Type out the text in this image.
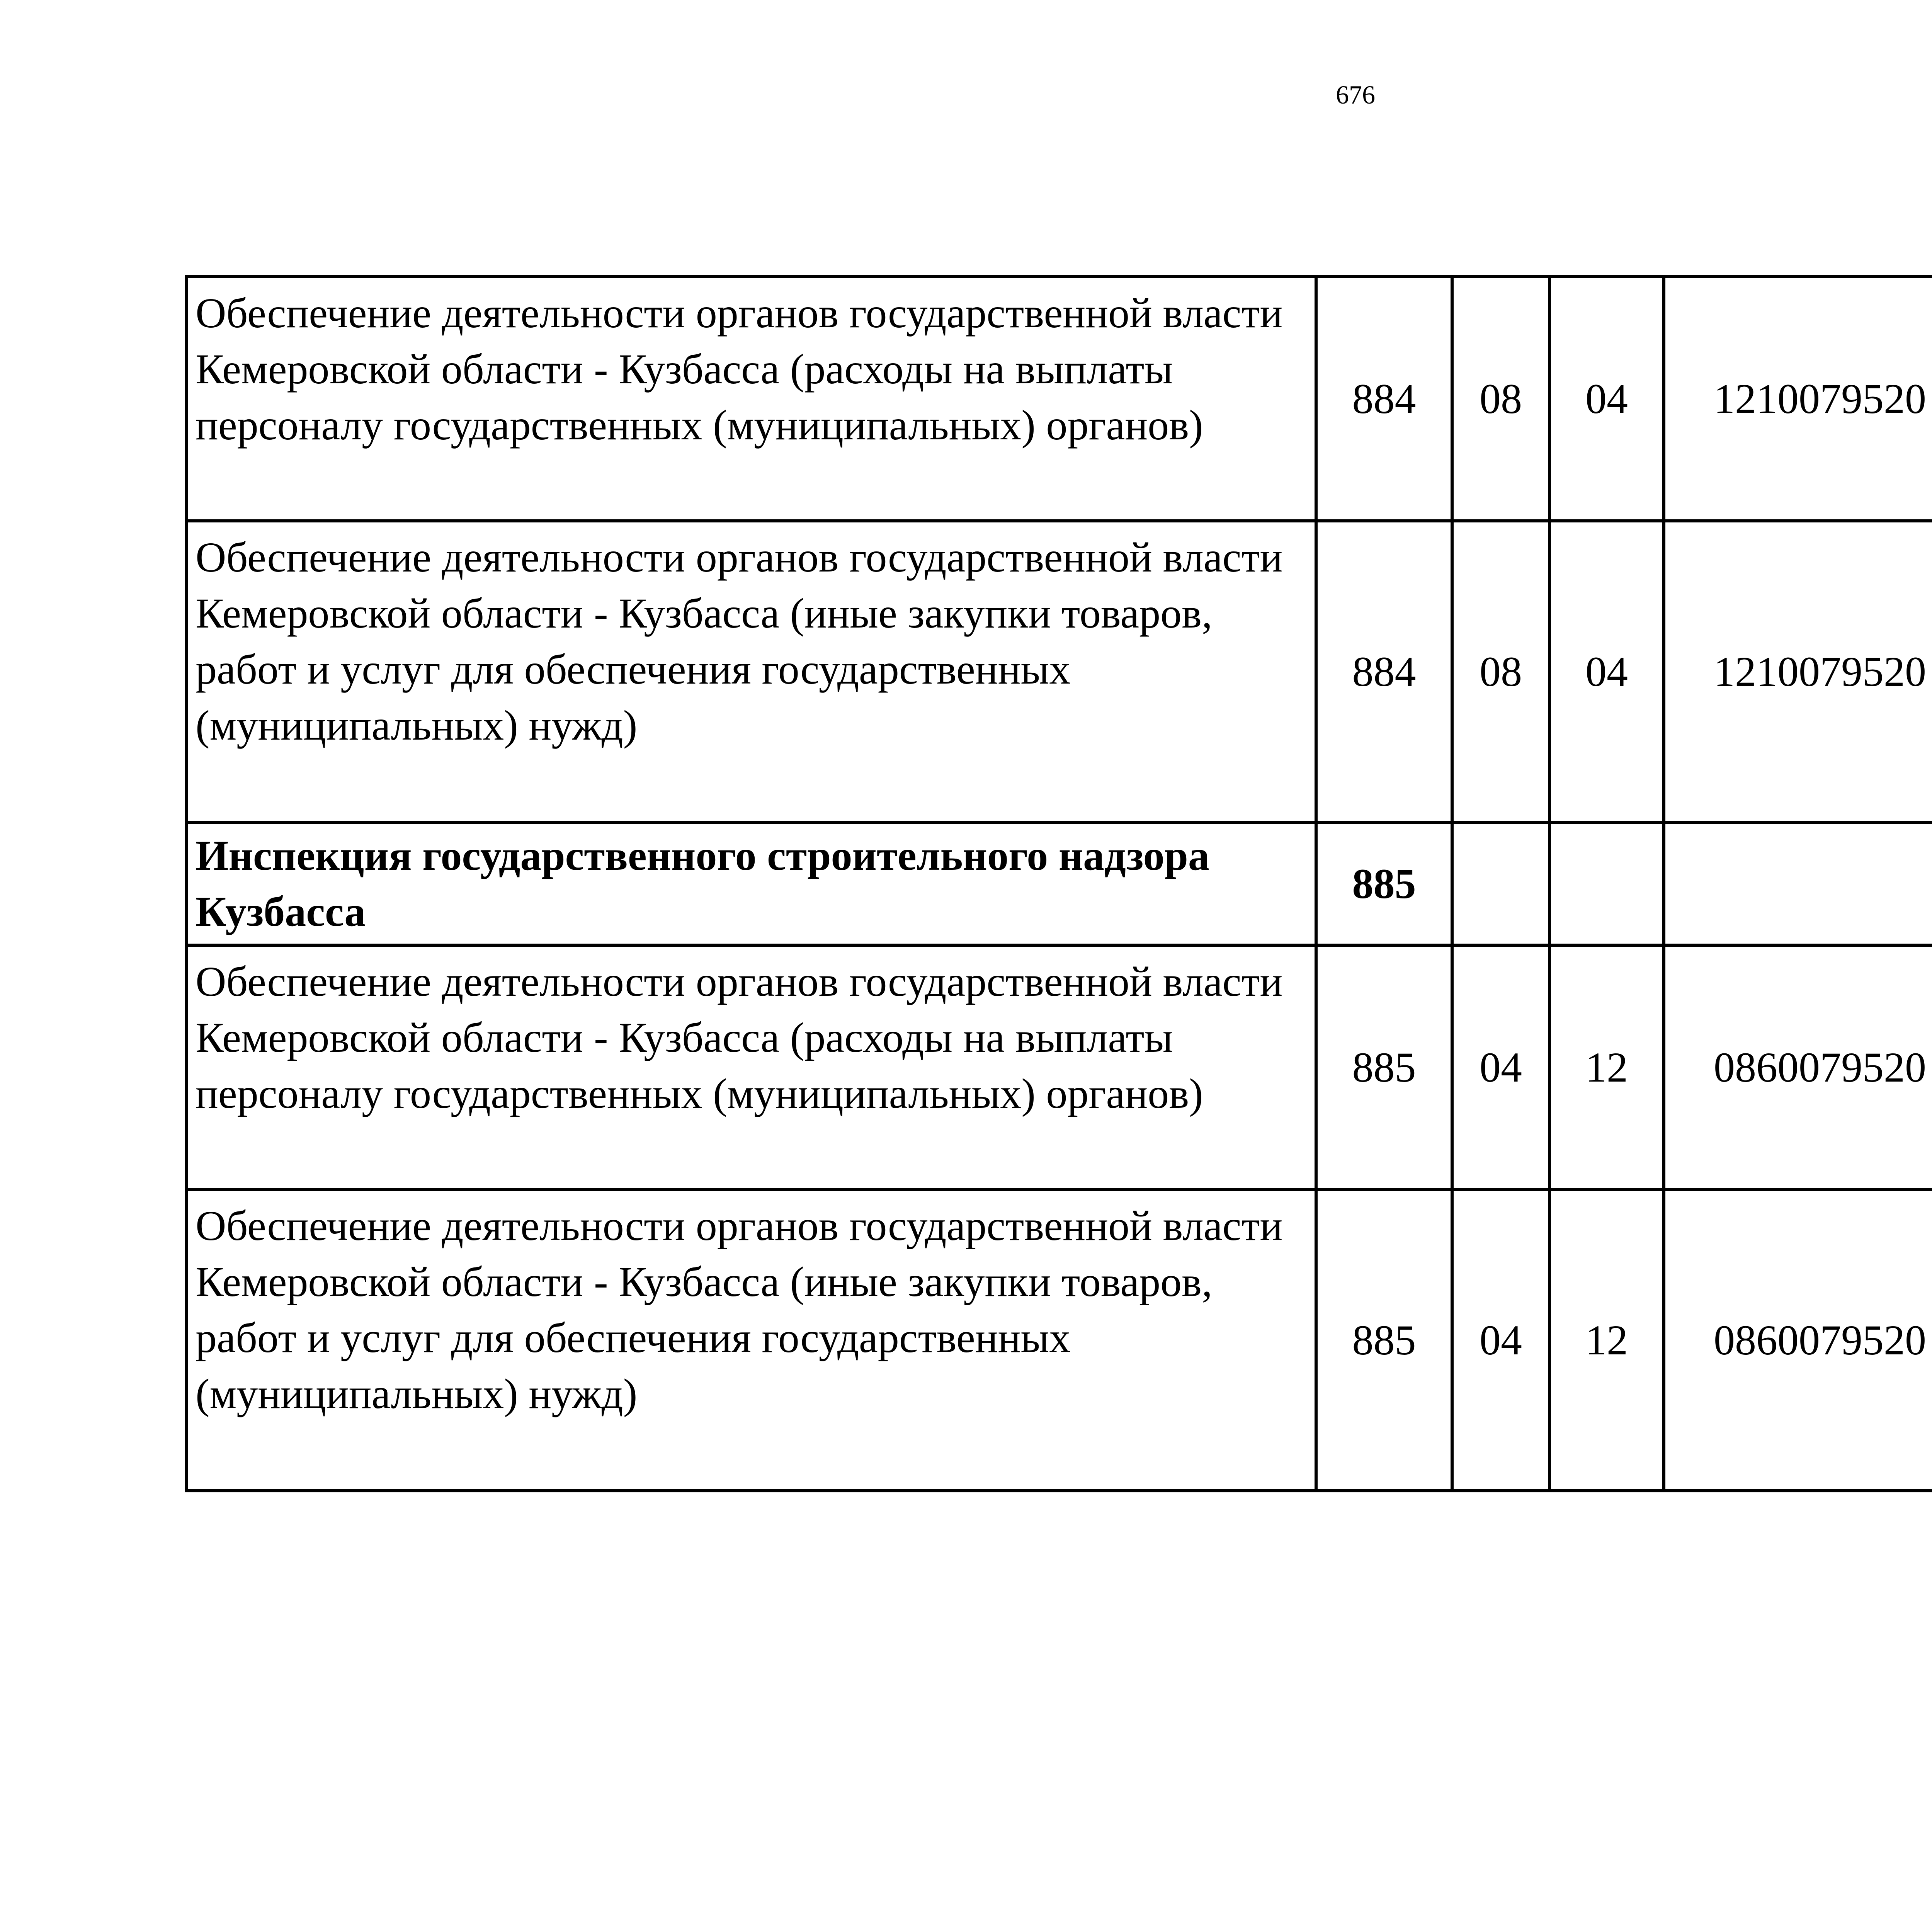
676
Обеспечение деятельности органов государственной власти Кемеровской области - Кузбасса (расходы на выплаты персоналу государственных (муниципальных) органов)	884	08	04	1210079520		
Обеспечение деятельности органов государственной власти Кемеровской области - Кузбасса (иные закупки товаров, работ и услуг для обеспечения государственных (муниципальных) нужд)	884	08	04	1210079520		
Инспекция государственного строительного надзора Кузбасса	885					
Обеспечение деятельности органов государственной власти Кемеровской области - Кузбасса (расходы на выплаты персоналу государственных (муниципальных) органов)	885	04	12	0860079520		
Обеспечение деятельности органов государственной власти Кемеровской области - Кузбасса (иные закупки товаров, работ и услуг для обеспечения государственных (муниципальных) нужд)	885	04	12	0860079520		
